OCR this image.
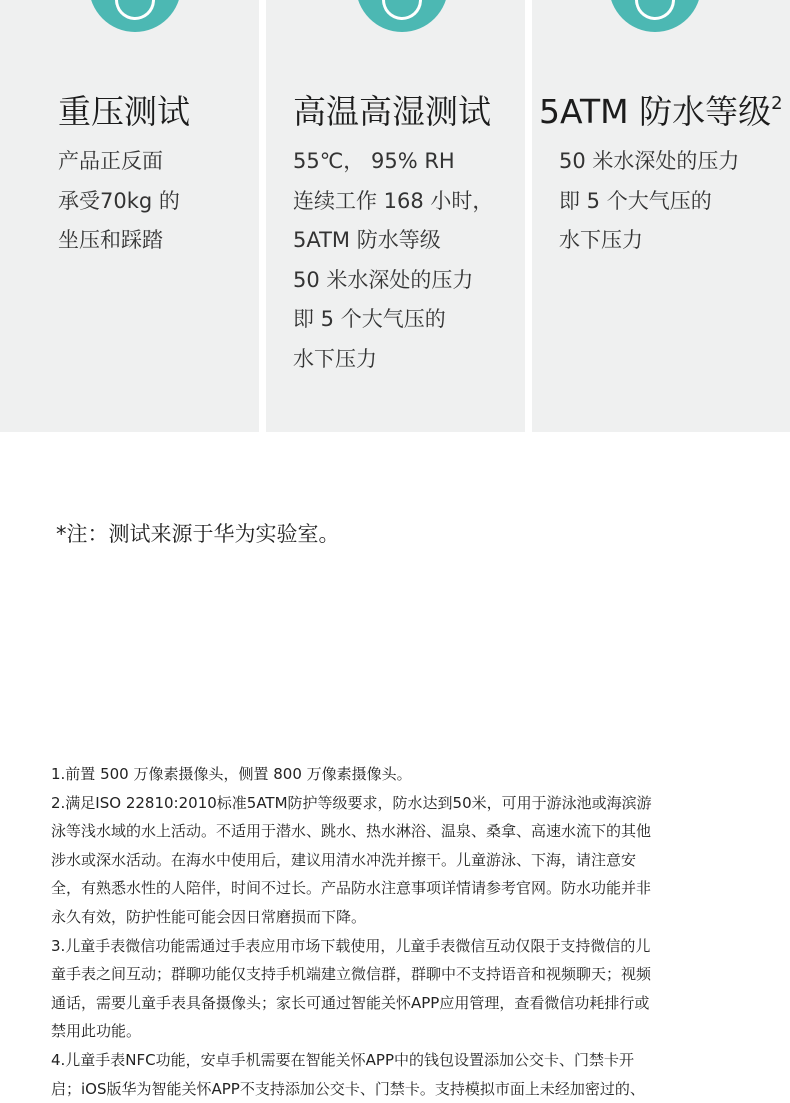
重压测试
产品正反面
承受70kg 的
坐压和踩踏
高温高湿测试
55℃， 95% RH
连续工作 168 小时，
5ATM 防水等级
50 米水深处的压力
即 5 个大气压的
水下压力
5ATM 防水等级$^2$
50 米水深处的压力
即 5 个大气压的
水下压力
*注：测试来源于华为实验室。
1.前置 500 万像素摄像头，侧置 800 万像素摄像头。
2.满足ISO 22810:2010标准5ATM防护等级要求，防水达到50米，可用于游泳池或海滨游
泳等浅水域的水上活动。不适用于潜水、跳水、热水淋浴、温泉、桑拿、高速水流下的其他
涉水或深水活动。在海水中使用后，建议用清水冲洗并擦干。儿童游泳、下海，请注意安
全，有熟悉水性的人陪伴，时间不过长。产品防水注意事项详情请参考官网。防水功能并非
永久有效，防护性能可能会因日常磨损而下降。
3.儿童手表微信功能需通过手表应用市场下载使用，儿童手表微信互动仅限于支持微信的儿
童手表之间互动；群聊功能仅支持手机端建立微信群，群聊中不支持语音和视频聊天；视频
通话，需要儿童手表具备摄像头；家长可通过智能关怀APP应用管理，查看微信功耗排行或
禁用此功能。
4.儿童手表NFC功能，安卓手机需要在智能关怀APP中的钱包设置添加公交卡、门禁卡开
启；iOS版华为智能关怀APP不支持添加公交卡、门禁卡。支持模拟市面上未经加密过的、
